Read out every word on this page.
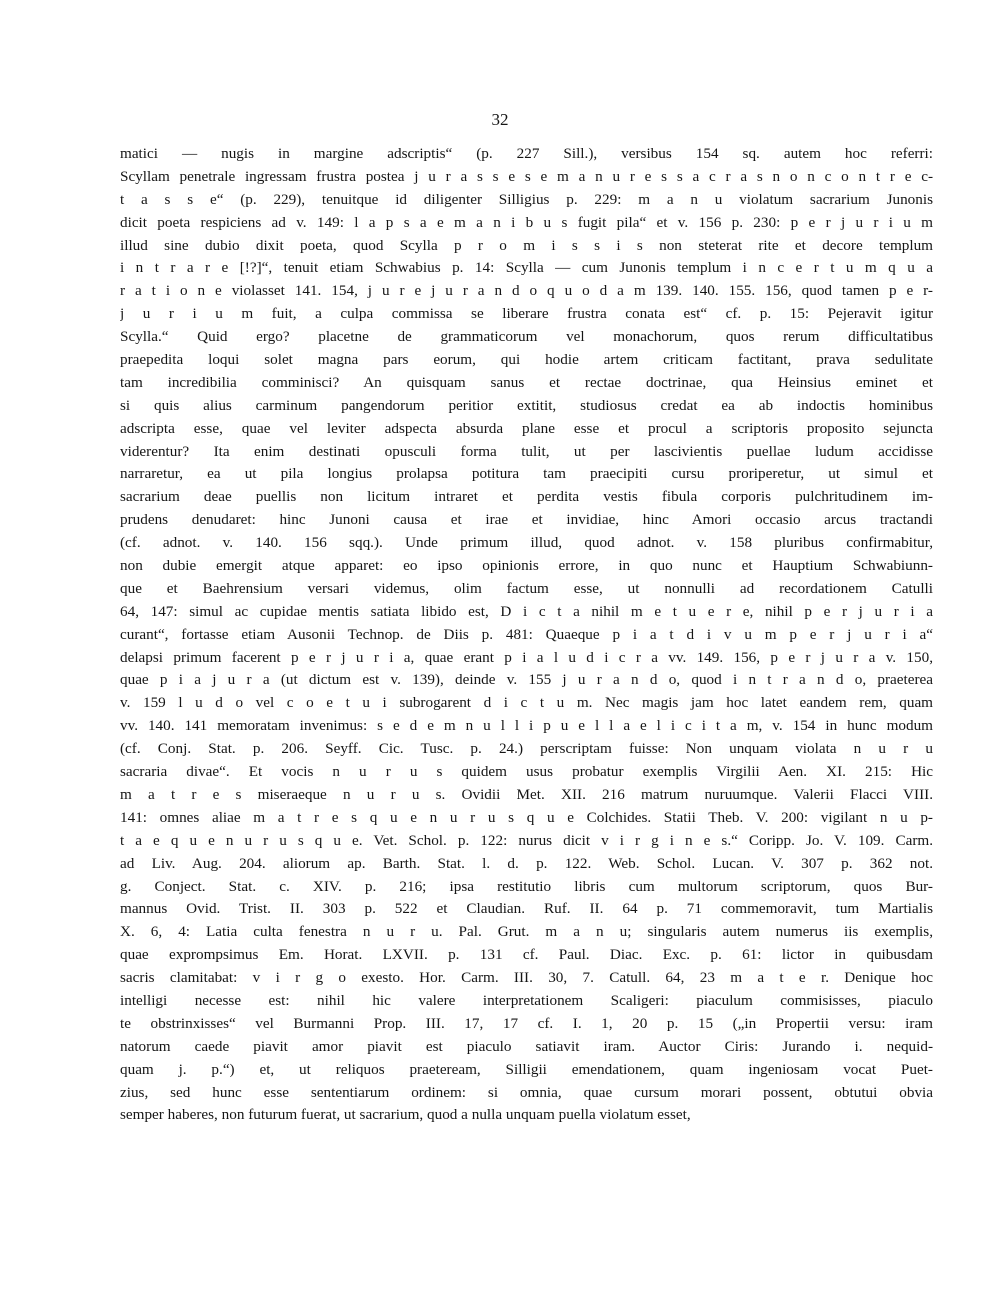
32
matici — nugis in margine adscriptis“ (p. 227 Sill.), versibus 154 sq. autem hoc referri:
Scyllam penetrale ingressam frustra postea j u r a s s e s e m a n u r e s s a c r a s n o n c o n t r e c-
t a s s e“ (p. 229), tenuitque id diligenter Silligius p. 229: m a n u violatum sacrarium Junonis
dicit poeta respiciens ad v. 149: l a p s a e m a n i b u s fugit pila“ et v. 156 p. 230: p e r j u r i u m
illud sine dubio dixit poeta, quod Scylla p r o m i s s i s non steterat rite et decore templum
i n t r a r e [!?]“, tenuit etiam Schwabius p. 14: Scylla — cum Junonis templum i n c e r t u m q u a
r a t i o n e violasset 141. 154, j u r e j u r a n d o q u o d a m 139. 140. 155. 156, quod tamen p e r-
j u r i u m fuit, a culpa commissa se liberare frustra conata est“ cf. p. 15: Pejeravit igitur
Scylla.“ Quid ergo? placetne de grammaticorum vel monachorum, quos rerum difficultatibus
praepedita loqui solet magna pars eorum, qui hodie artem criticam factitant, prava sedulitate
tam incredibilia comminisci? An quisquam sanus et rectae doctrinae, qua Heinsius eminet et
si quis alius carminum pangendorum peritior extitit, studiosus credat ea ab indoctis hominibus
adscripta esse, quae vel leviter adspecta absurda plane esse et procul a scriptoris proposito sejuncta
viderentur? Ita enim destinati opusculi forma tulit, ut per lascivientis puellae ludum accidisse
narraretur, ea ut pila longius prolapsa potitura tam praecipiti cursu proriperetur, ut simul et
sacrarium deae puellis non licitum intraret et perdita vestis fibula corporis pulchritudinem im-
prudens denudaret: hinc Junoni causa et irae et invidiae, hinc Amori occasio arcus tractandi
(cf. adnot. v. 140. 156 sqq.). Unde primum illud, quod adnot. v. 158 pluribus confirmabitur,
non dubie emergit atque apparet: eo ipso opinionis errore, in quo nunc et Hauptium Schwabiunn-
que et Baehrensium versari videmus, olim factum esse, ut nonnulli ad recordationem Catulli
64, 147: simul ac cupidae mentis satiata libido est, D i c t a nihil m e t u e r e, nihil p e r j u r i a
curant“, fortasse etiam Ausonii Technop. de Diis p. 481: Quaeque p i a t d i v u m p e r j u r i a“
delapsi primum facerent p e r j u r i a, quae erant p i a l u d i c r a vv. 149. 156, p e r j u r a v. 150,
quae p i a j u r a (ut dictum est v. 139), deinde v. 155 j u r a n d o, quod i n t r a n d o, praeterea
v. 159 l u d o vel c o e t u i subrogarent d i c t u m. Nec magis jam hoc latet eandem rem, quam
vv. 140. 141 memoratam invenimus: s e d e m n u l l i p u e l l a e l i c i t a m, v. 154 in hunc modum
(cf. Conj. Stat. p. 206. Seyff. Cic. Tusc. p. 24.) perscriptam fuisse: Non unquam violata n u r u
sacraria divae“. Et vocis n u r u s quidem usus probatur exemplis Virgilii Aen. XI. 215: Hic
m a t r e s miseraeque n u r u s. Ovidii Met. XII. 216 matrum nuruumque. Valerii Flacci VIII.
141: omnes aliae m a t r e s q u e n u r u s q u e Colchides. Statii Theb. V. 200: vigilant n u p-
t a e q u e n u r u s q u e. Vet. Schol. p. 122: nurus dicit v i r g i n e s.“ Coripp. Jo. V. 109. Carm.
ad Liv. Aug. 204. aliorum ap. Barth. Stat. l. d. p. 122. Web. Schol. Lucan. V. 307 p. 362 not.
g. Conject. Stat. c. XIV. p. 216; ipsa restitutio libris cum multorum scriptorum, quos Bur-
mannus Ovid. Trist. II. 303 p. 522 et Claudian. Ruf. II. 64 p. 71 commemoravit, tum Martialis
X. 6, 4: Latia culta fenestra n u r u. Pal. Grut. m a n u; singularis autem numerus iis exemplis,
quae exprompsimus Em. Horat. LXVII. p. 131 cf. Paul. Diac. Exc. p. 61: lictor in quibusdam
sacris clamitabat: v i r g o exesto. Hor. Carm. III. 30, 7. Catull. 64, 23 m a t e r. Denique hoc
intelligi necesse est: nihil hic valere interpretationem Scaligeri: piaculum commisisses, piaculo
te obstrinxisses“ vel Burmanni Prop. III. 17, 17 cf. I. 1, 20 p. 15 („in Propertii versu: iram
natorum caede piavit amor piavit est piaculo satiavit iram. Auctor Ciris: Jurando i. nequid-
quam j. p.“) et, ut reliquos praeteream, Silligii emendationem, quam ingeniosam vocat Puet-
zius, sed hunc esse sententiarum ordinem: si omnia, quae cursum morari possent, obtutui obvia
semper haberes, non futurum fuerat, ut sacrarium, quod a nulla unquam puella violatum esset,
